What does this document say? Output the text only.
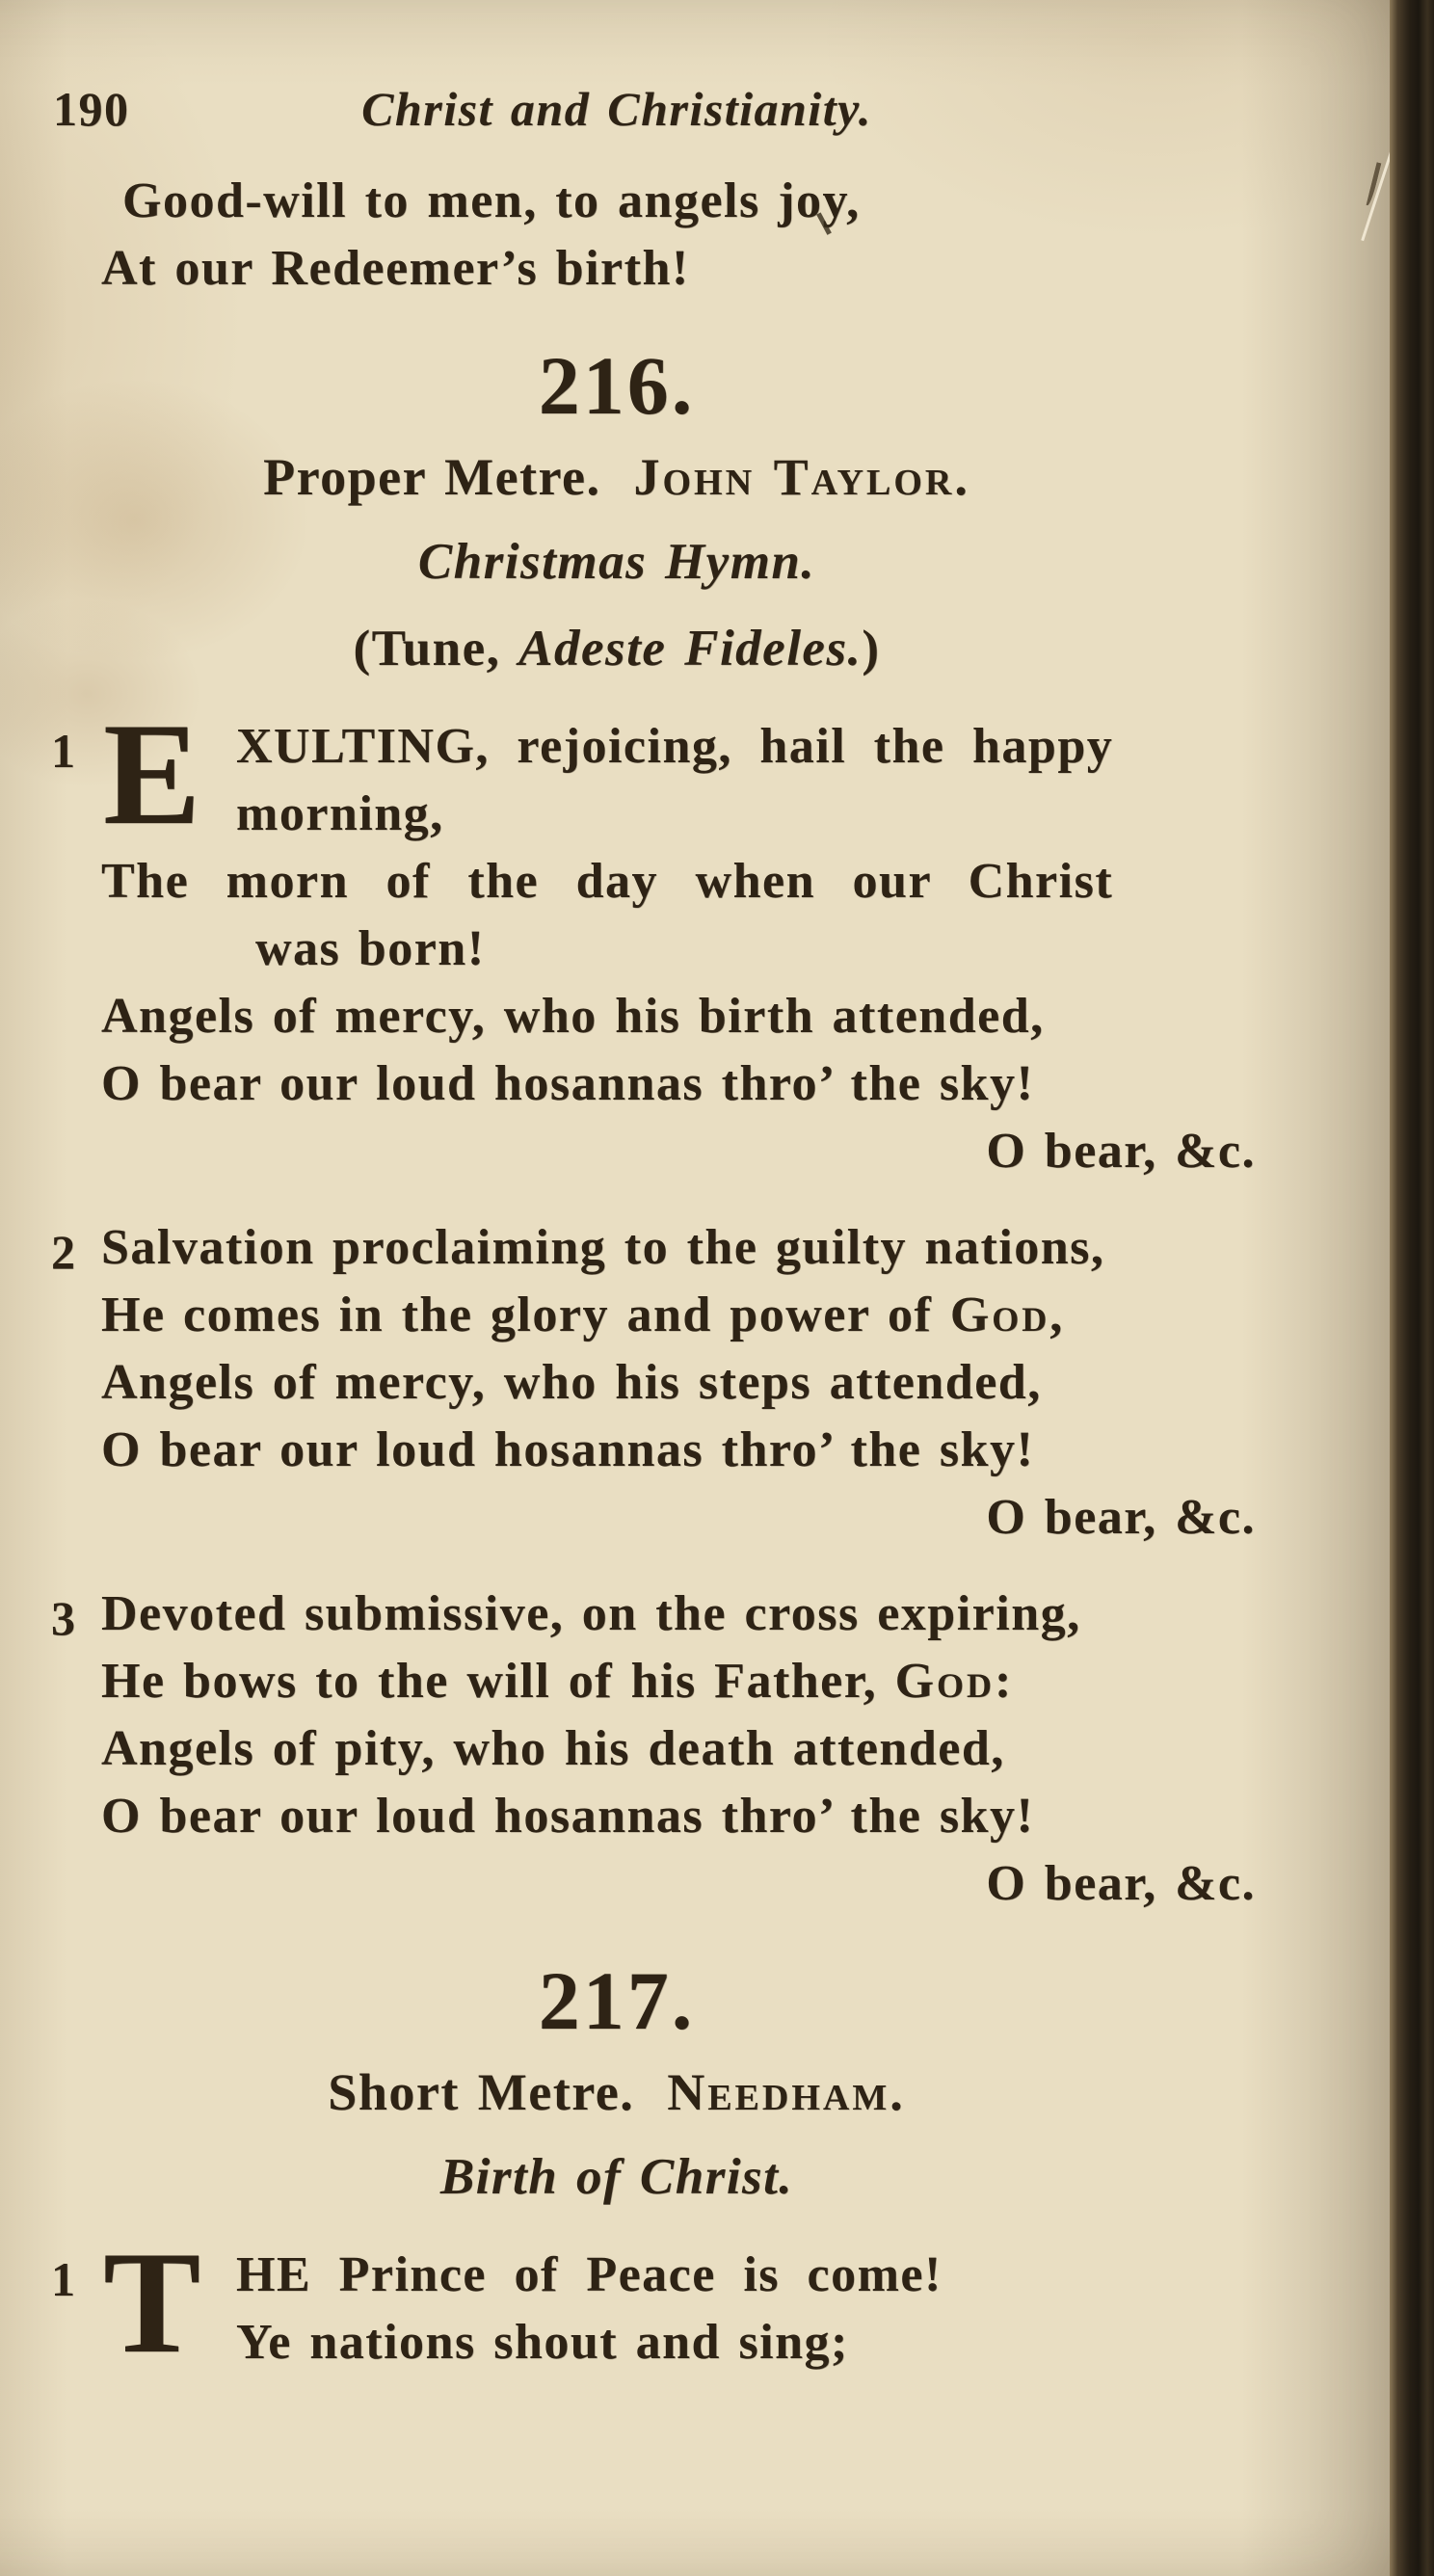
190	Christ and Christianity.
Good-will to men, to angels joy,
At our Redeemer’s birth!
216.
Proper Metre. John Taylor.
Christmas Hymn.
(Tune, Adeste Fideles.)
1 E XULTING, rejoicing, hail the happy
morning,
The morn of the day when our Christ
was born!
Angels of mercy, who his birth attended,
O bear our loud hosannas thro’ the sky!
O bear, &c.
2 Salvation proclaiming to the guilty nations,
He comes in the glory and power of God,
Angels of mercy, who his steps attended,
O bear our loud hosannas thro’ the sky!
O bear, &c.
3 Devoted submissive, on the cross expiring,
He bows to the will of his Father, God:
Angels of pity, who his death attended,
O bear our loud hosannas thro’ the sky!
O bear, &c.
217.
Short Metre. Needham.
Birth of Christ.
1 T HE Prince of Peace is come!
Ye nations shout and sing;
